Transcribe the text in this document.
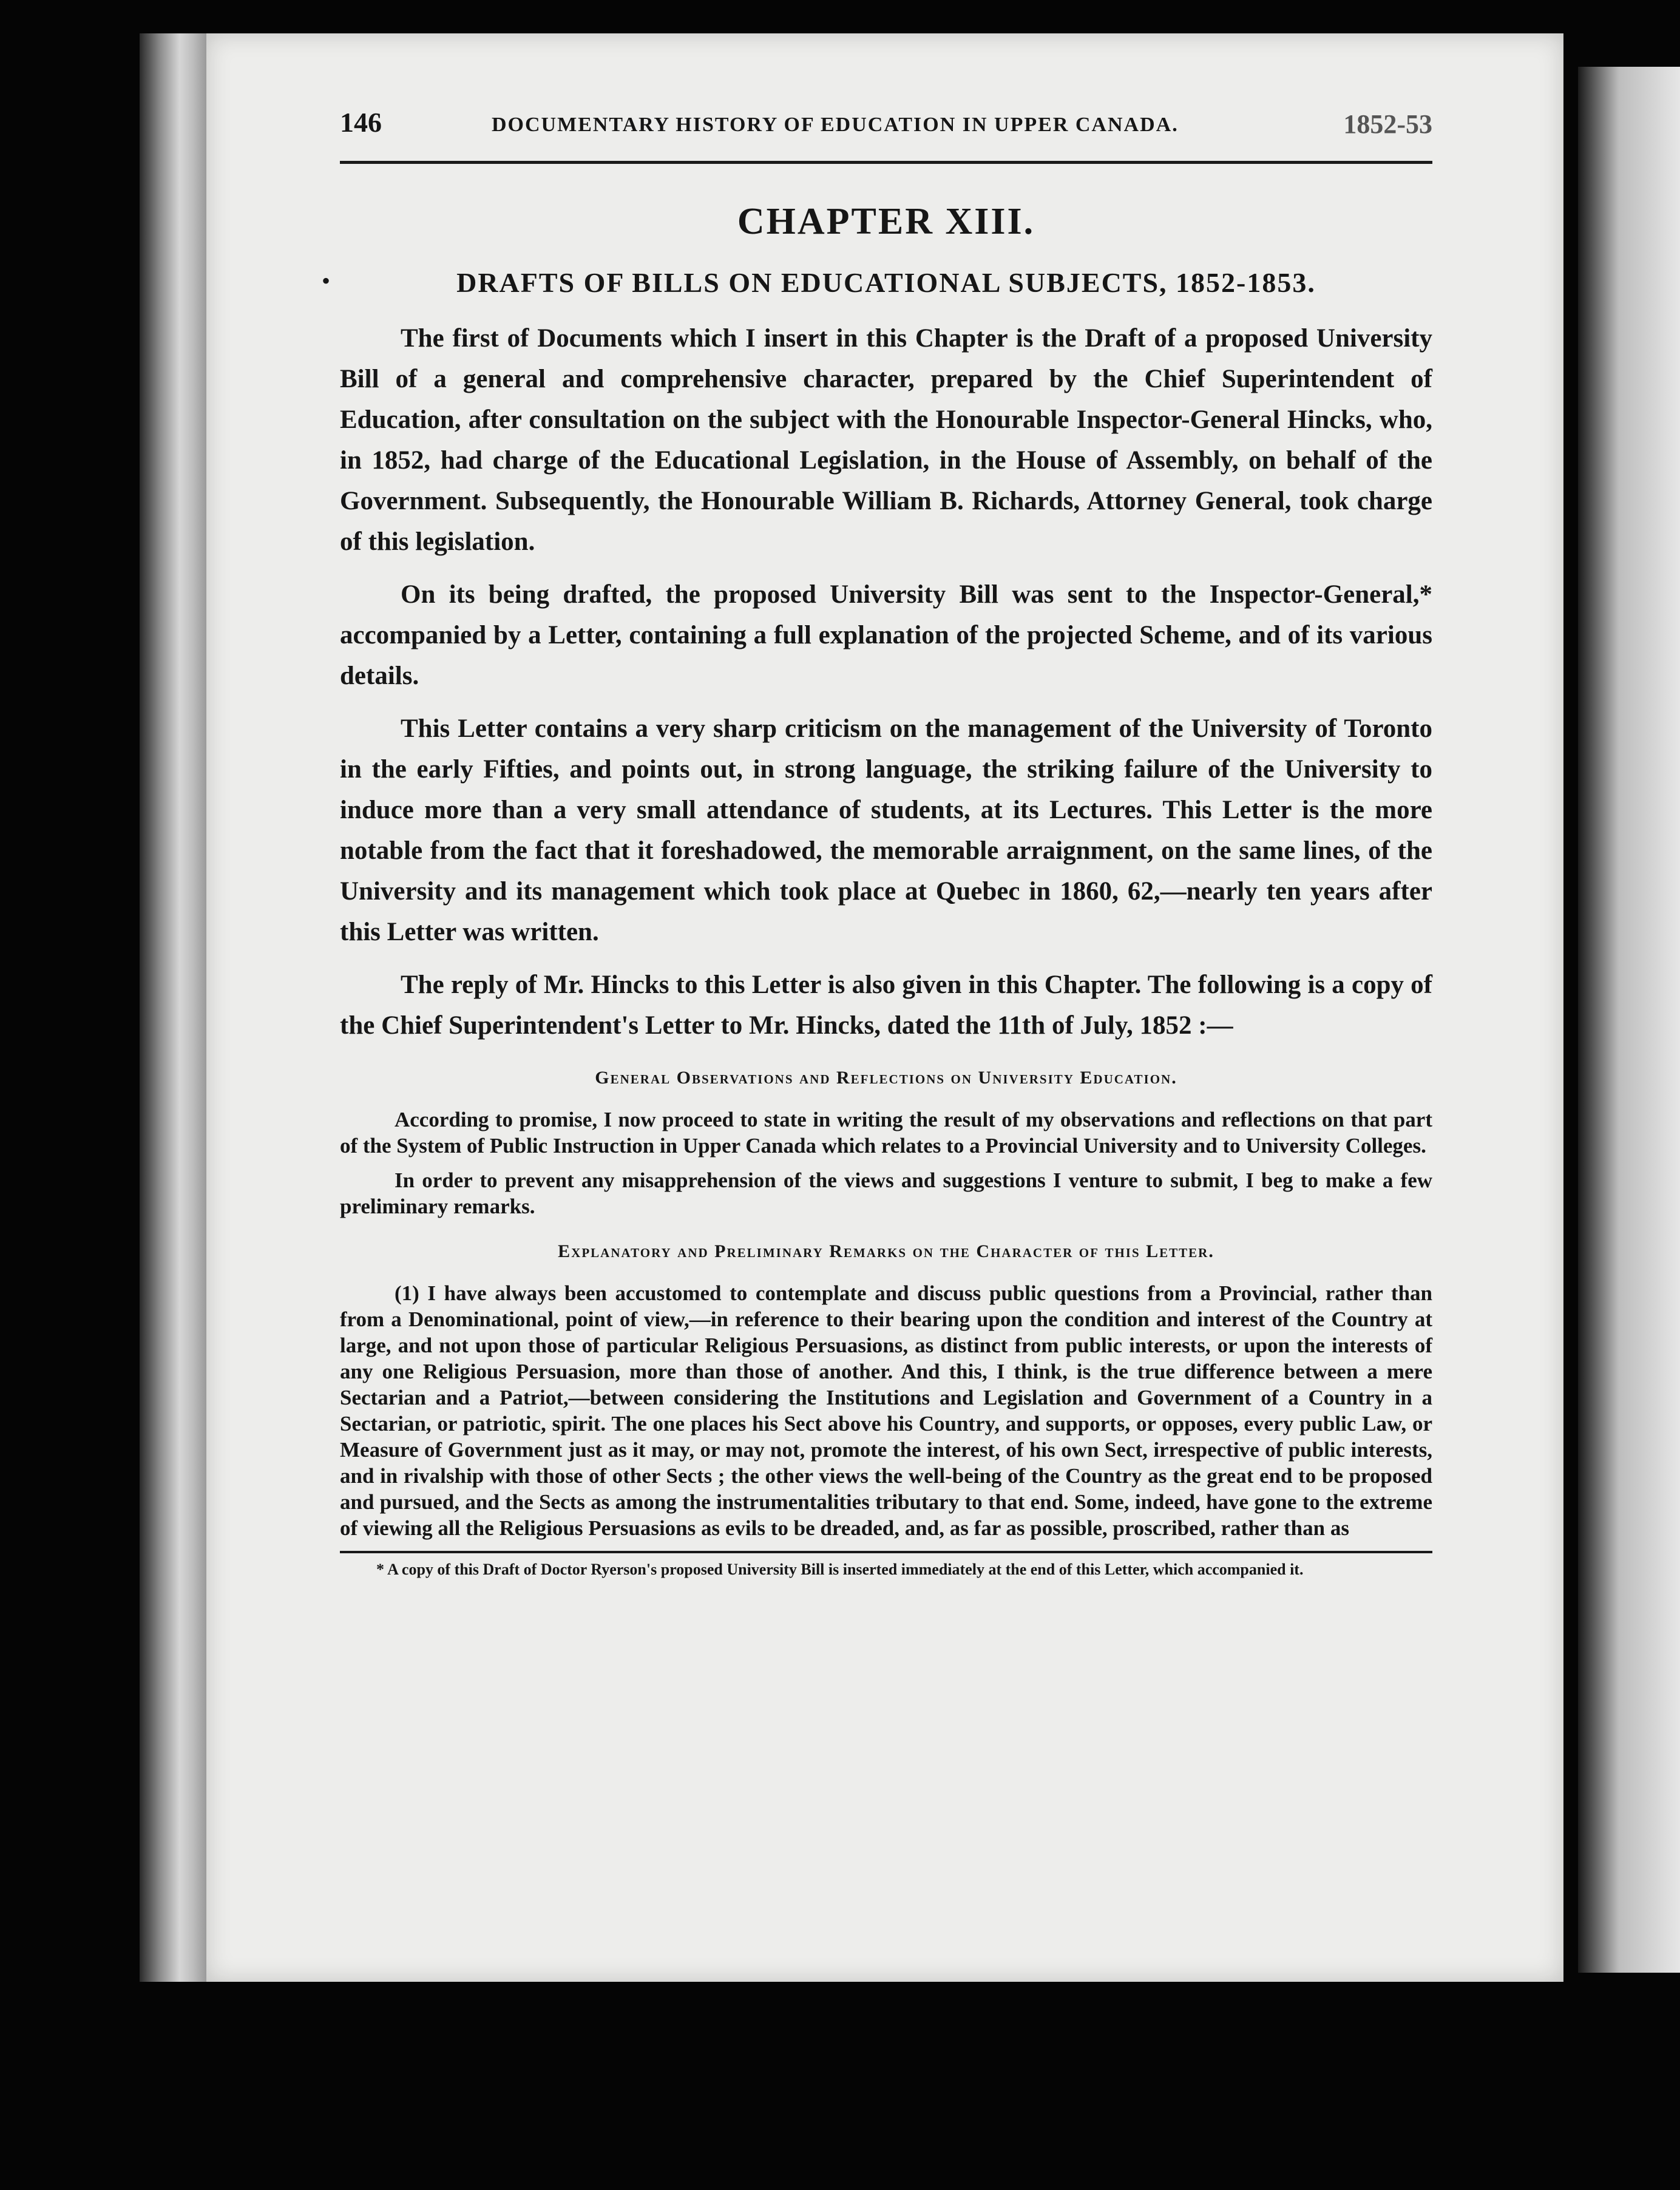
146	DOCUMENTARY HISTORY OF EDUCATION IN UPPER CANADA.	1852-53
CHAPTER XIII.
•	DRAFTS OF BILLS ON EDUCATIONAL SUBJECTS, 1852-1853.

The first of Documents which I insert in this Chapter is the Draft of a proposed University Bill of a general and comprehensive character, prepared by the Chief Superintendent of Education, after consultation on the subject with the Honourable Inspector-General Hincks, who, in 1852, had charge of the Educational Legislation, in the House of Assembly, on behalf of the Government. Subsequently, the Honourable William B. Richards, Attorney General, took charge of this legislation.

On its being drafted, the proposed University Bill was sent to the Inspector-General,* accompanied by a Letter, containing a full explanation of the projected Scheme, and of its various details.

This Letter contains a very sharp criticism on the management of the University of Toronto in the early Fifties, and points out, in strong language, the striking failure of the University to induce more than a very small attendance of students, at its Lectures. This Letter is the more notable from the fact that it foreshadowed, the memorable arraignment, on the same lines, of the University and its management which took place at Quebec in 1860, 62,—nearly ten years after this Letter was written.

The reply of Mr. Hincks to this Letter is also given in this Chapter. The following is a copy of the Chief Superintendent's Letter to Mr. Hincks, dated the 11th of July, 1852 :—

General Observations and Reflections on University Education.

According to promise, I now proceed to state in writing the result of my observations and reflections on that part of the System of Public Instruction in Upper Canada which relates to a Provincial University and to University Colleges.

In order to prevent any misapprehension of the views and suggestions I venture to submit, I beg to make a few preliminary remarks.

Explanatory and Preliminary Remarks on the Character of this Letter.

(1) I have always been accustomed to contemplate and discuss public questions from a Provincial, rather than from a Denominational, point of view,—in reference to their bearing upon the condition and interest of the Country at large, and not upon those of particular Religious Persuasions, as distinct from public interests, or upon the interests of any one Religious Persuasion, more than those of another. And this, I think, is the true difference between a mere Sectarian and a Patriot,—between considering the Institutions and Legislation and Government of a Country in a Sectarian, or patriotic, spirit. The one places his Sect above his Country, and supports, or opposes, every public Law, or Measure of Government just as it may, or may not, promote the interest, of his own Sect, irrespective of public interests, and in rivalship with those of other Sects ; the other views the well-being of the Country as the great end to be proposed and pursued, and the Sects as among the instrumentalities tributary to that end. Some, indeed, have gone to the extreme of viewing all the Religious Persuasions as evils to be dreaded, and, as far as possible, proscribed, rather than as

* A copy of this Draft of Doctor Ryerson's proposed University Bill is inserted immediately at the end of this Letter, which accompanied it.
